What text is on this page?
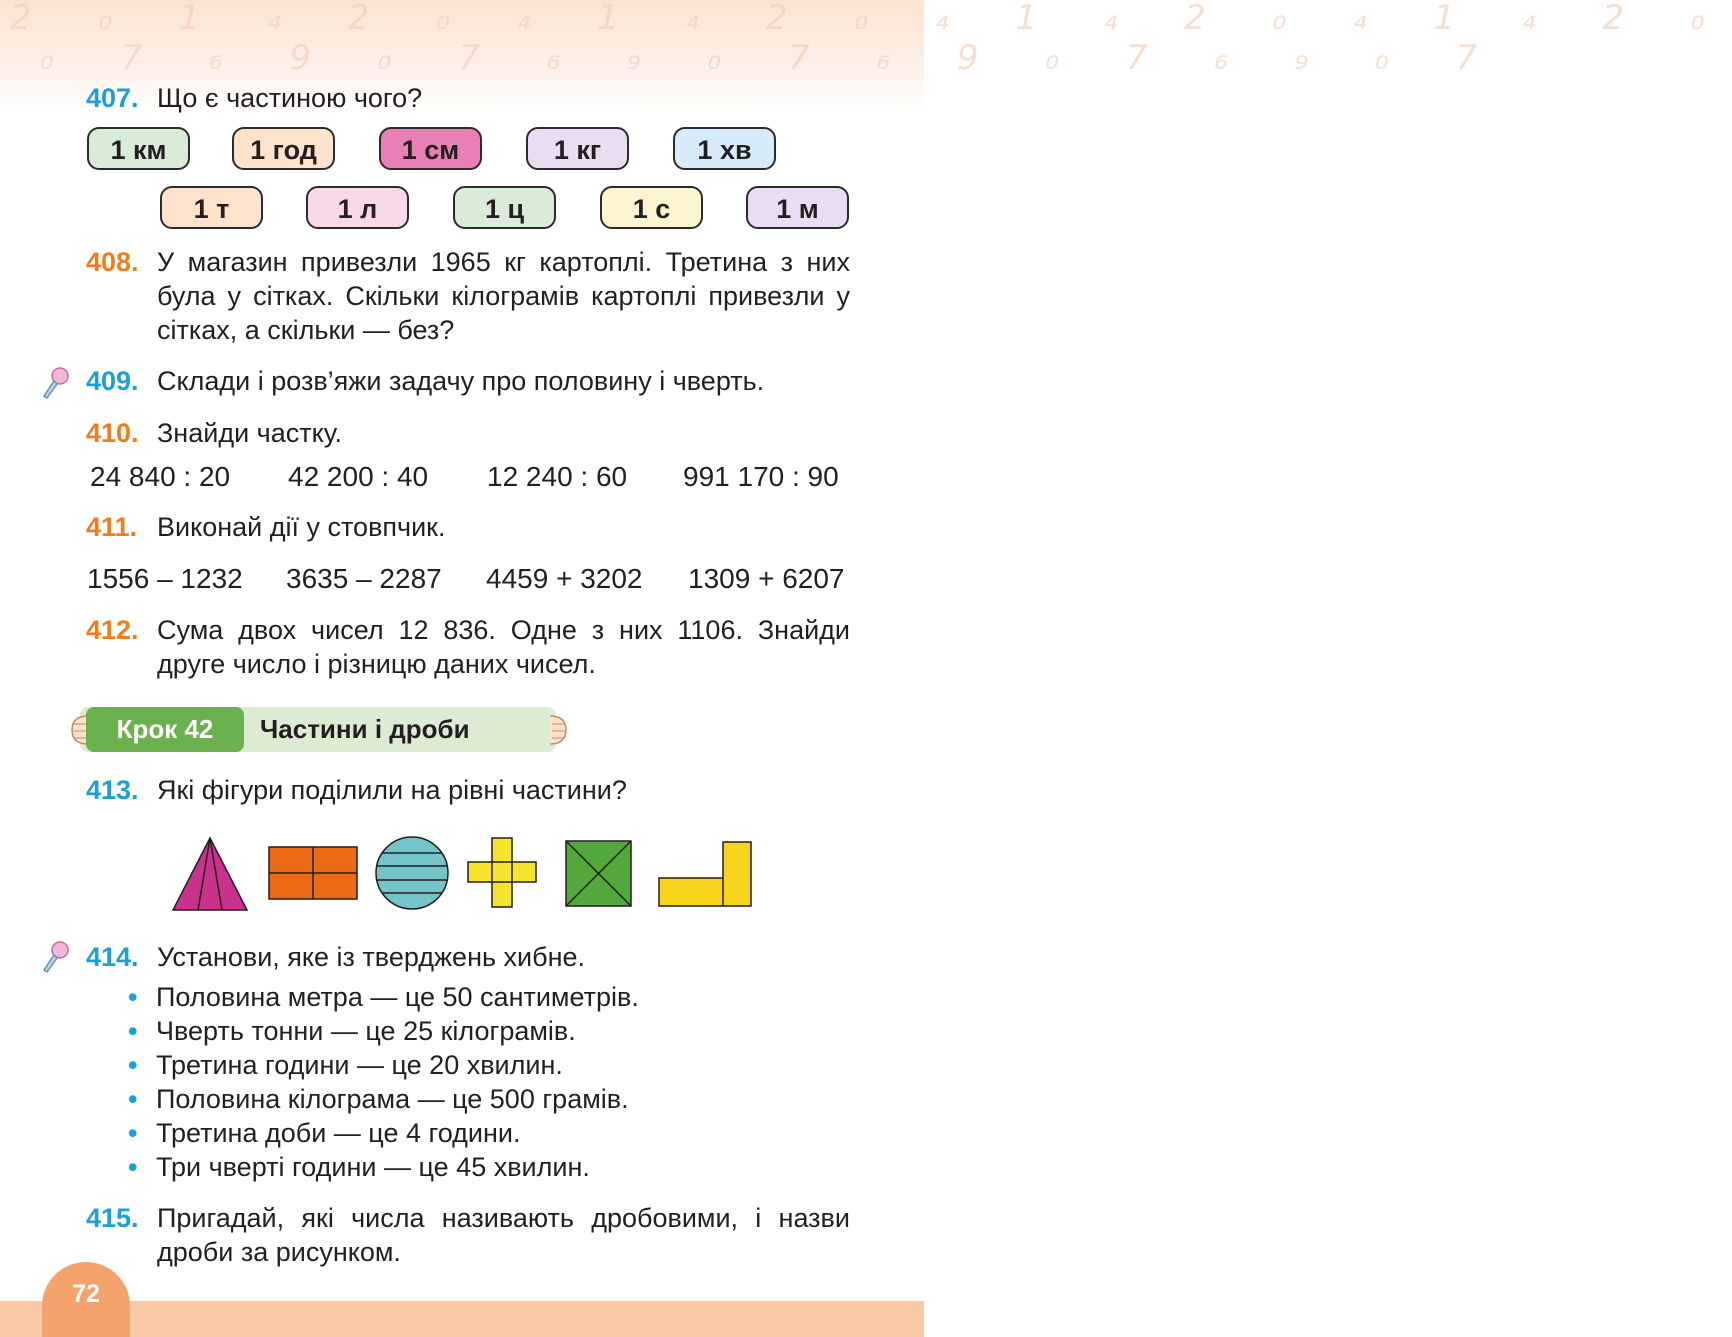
2 ₀ 1 ₄ 2 ₀ ₄ 1 ₄ 2 ₀ ₄ 1 ₄ 2 ₀ ₄ 1 ₄ 2 ₀
₀ 7 ₆ 9 ₀ 7 ₆ ₉ ₀ 7 ₆ 9 ₀ 7 ₆ ₉ ₀ 7
407. Що є частиною чого?
1 км	1 год	1 см	1 кг	1 хв
1 т	1 л	1 ц	1 с	1 м
408. У магазин привезли 1965 кг картоплі. Третина з них була у сітках. Скільки кілограмів картоплі привезли у сітках, а скільки — без?
409. Склади і розв’яжи задачу про половину і чверть.
410. Знайди частку.
24 840 : 20 42 200 : 40 12 240 : 60 991 170 : 90
411. Виконай дії у стовпчик.
1556 – 1232 3635 – 2287 4459 + 3202 1309 + 6207
412. Сума двох чисел 12 836. Одне з них 1106. Знайди друге число і різницю даних чисел.
Крок 42	Частини і дроби
413. Які фігури поділили на рівні частини?
414. Установи, яке із тверджень хибне.
• Половина метра — це 50 сантиметрів.
• Чверть тонни — це 25 кілограмів.
• Третина години — це 20 хвилин.
• Половина кілограма — це 500 грамів.
• Третина доби — це 4 години.
• Три чверті години — це 45 хвилин.
415. Пригадай, які числа називають дробовими, і назви дроби за рисунком.
72
